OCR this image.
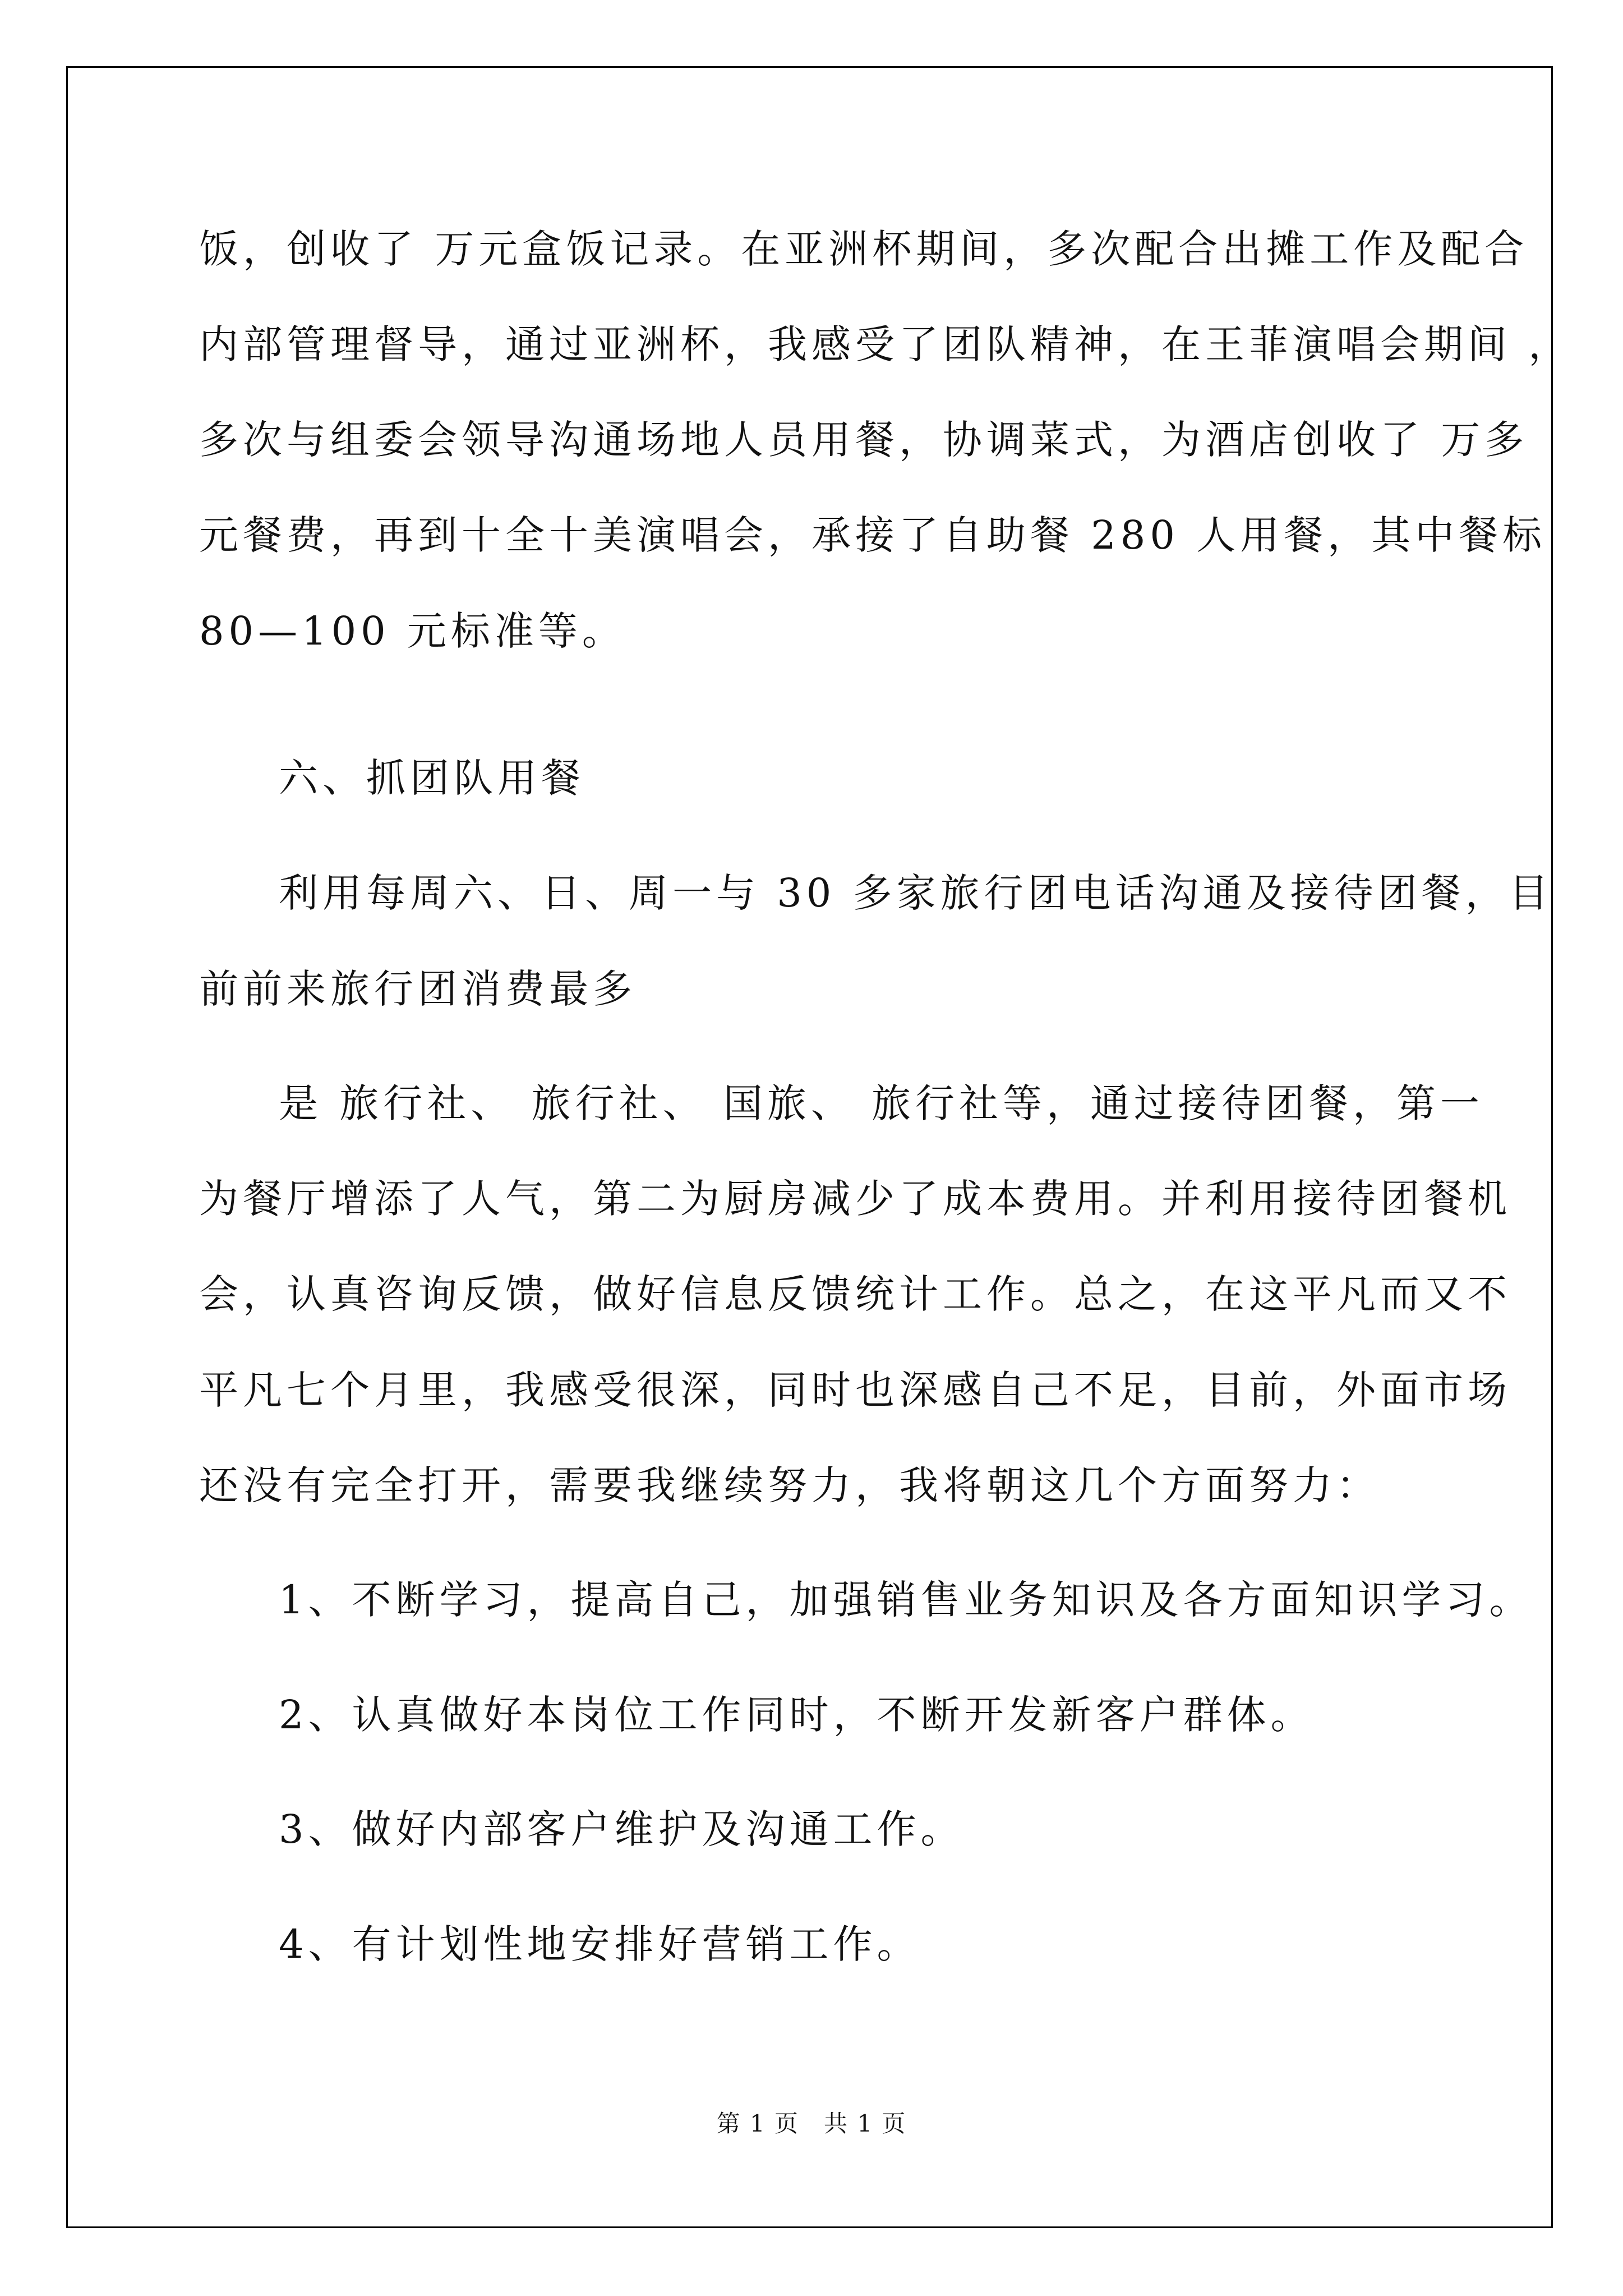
饭，创收了 万元盒饭记录。在亚洲杯期间，多次配合出摊工作及配合

内部管理督导，通过亚洲杯，我感受了团队精神，在王菲演唱会期间 ，

多次与组委会领导沟通场地人员用餐，协调菜式，为酒店创收了 万多

元餐费，再到十全十美演唱会，承接了自助餐 280 人用餐，其中餐标

80—100 元标准等。

六、抓团队用餐

利用每周六、日、周一与 30 多家旅行团电话沟通及接待团餐，目

前前来旅行团消费最多

是 旅行社、 旅行社、 国旅、 旅行社等，通过接待团餐，第一

为餐厅增添了人气，第二为厨房减少了成本费用。并利用接待团餐机

会，认真咨询反馈，做好信息反馈统计工作。总之，在这平凡而又不

平凡七个月里，我感受很深，同时也深感自己不足，目前，外面市场

还没有完全打开，需要我继续努力，我将朝这几个方面努力：

1、不断学习，提高自己，加强销售业务知识及各方面知识学习。

2、认真做好本岗位工作同时，不断开发新客户群体。

3、做好内部客户维护及沟通工作。

4、有计划性地安排好营销工作。

第 1 页　共 1 页
